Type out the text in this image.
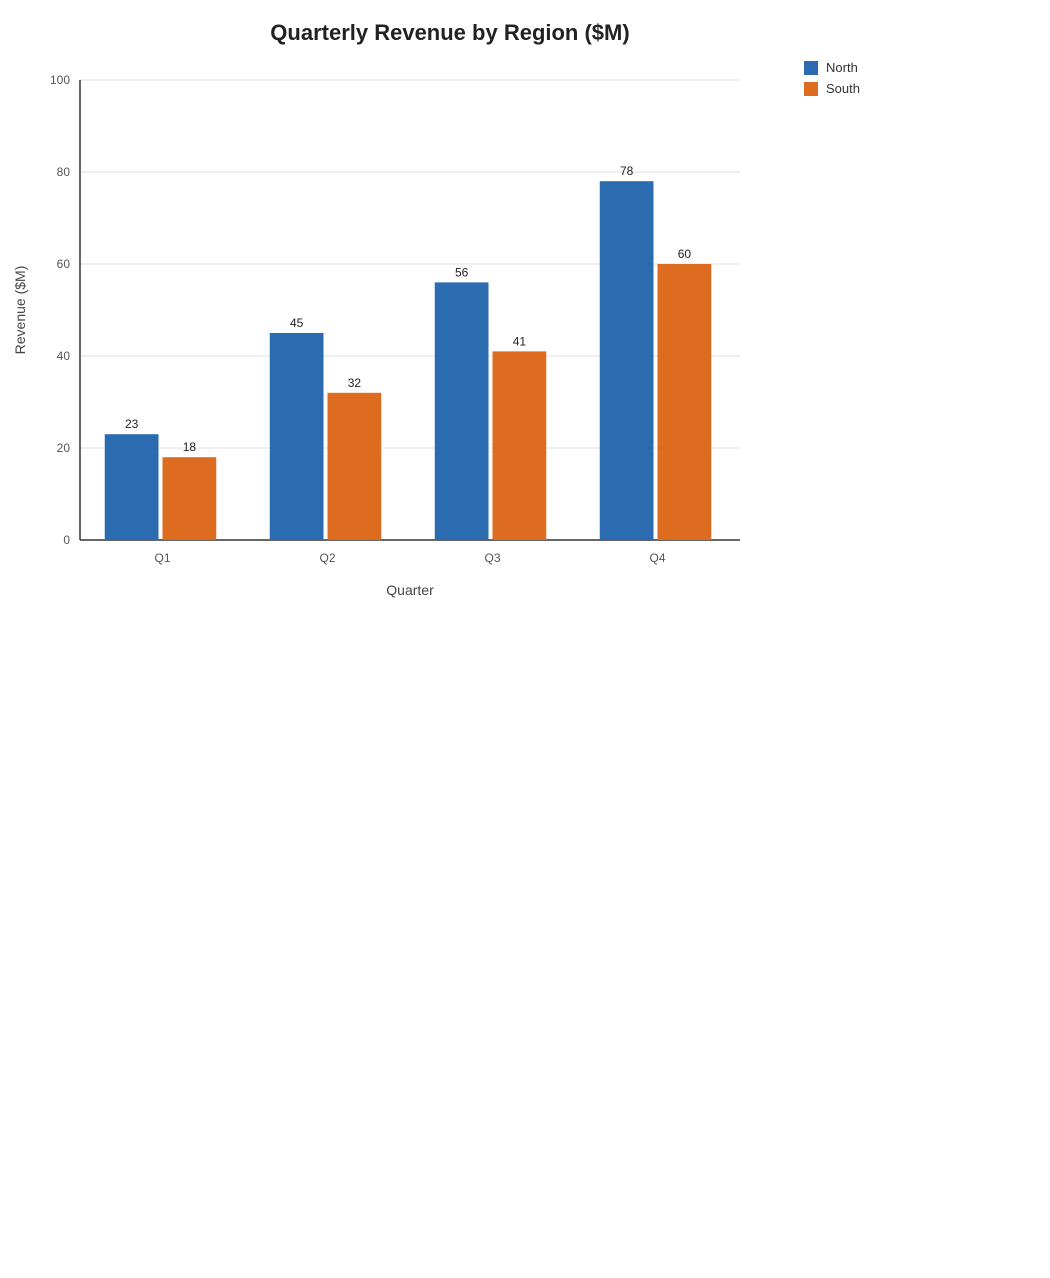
Quarterly Revenue by Region ($M)
0
20
40
60
80
100
23
18
Q1
45
32
Q2
56
41
Q3
78
60
Q4
Quarter
Revenue ($M)
North
South
